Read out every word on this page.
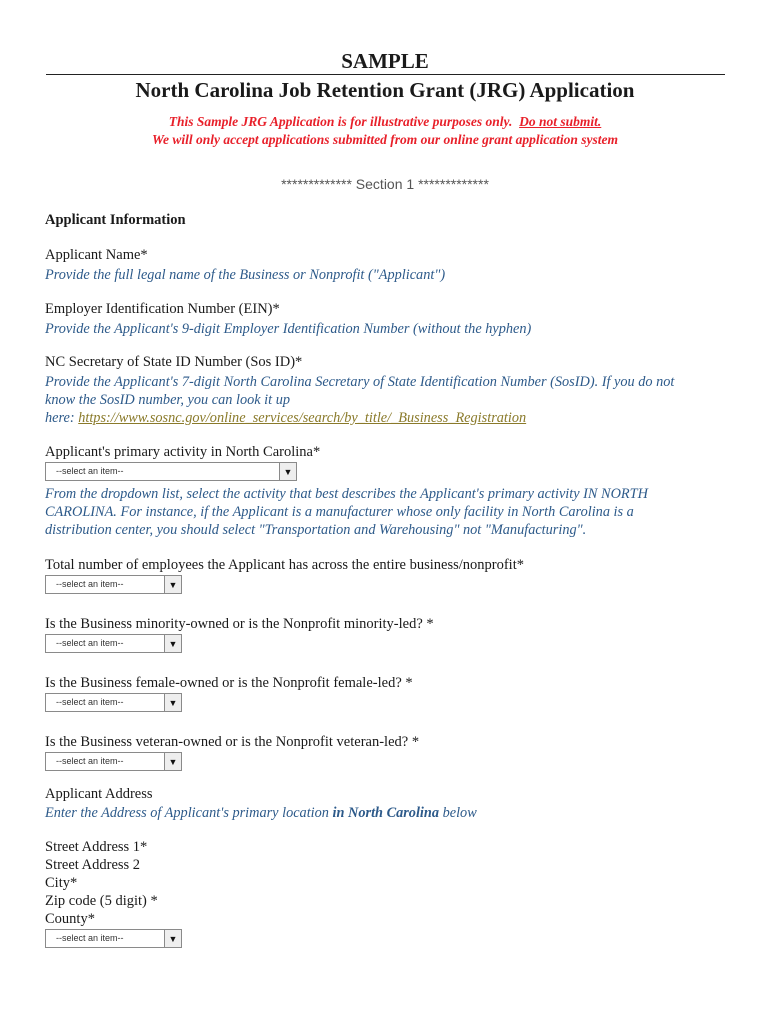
SAMPLE
North Carolina Job Retention Grant (JRG) Application
This Sample JRG Application is for illustrative purposes only. Do not submit.
We will only accept applications submitted from our online grant application system
************* Section 1 *************
Applicant Information
Applicant Name*
Provide the full legal name of the Business or Nonprofit ("Applicant")
Employer Identification Number (EIN)*
Provide the Applicant's 9-digit Employer Identification Number (without the hyphen)
NC Secretary of State ID Number (Sos ID)*
Provide the Applicant's 7-digit North Carolina Secretary of State Identification Number (SosID). If you do not
know the SosID number, you can look it up
here: https://www.sosnc.gov/online_services/search/by_title/_Business_Registration
Applicant's primary activity in North Carolina*
--select an item--	▼
From the dropdown list, select the activity that best describes the Applicant's primary activity IN NORTH
CAROLINA. For instance, if the Applicant is a manufacturer whose only facility in North Carolina is a
distribution center, you should select "Transportation and Warehousing" not "Manufacturing".
Total number of employees the Applicant has across the entire business/nonprofit*
--select an item--	▼
Is the Business minority-owned or is the Nonprofit minority-led? *
--select an item--	▼
Is the Business female-owned or is the Nonprofit female-led? *
--select an item--	▼
Is the Business veteran-owned or is the Nonprofit veteran-led? *
--select an item--	▼
Applicant Address
Enter the Address of Applicant's primary location in North Carolina below
Street Address 1*
Street Address 2
City*
Zip code (5 digit) *
County*
--select an item--	▼
